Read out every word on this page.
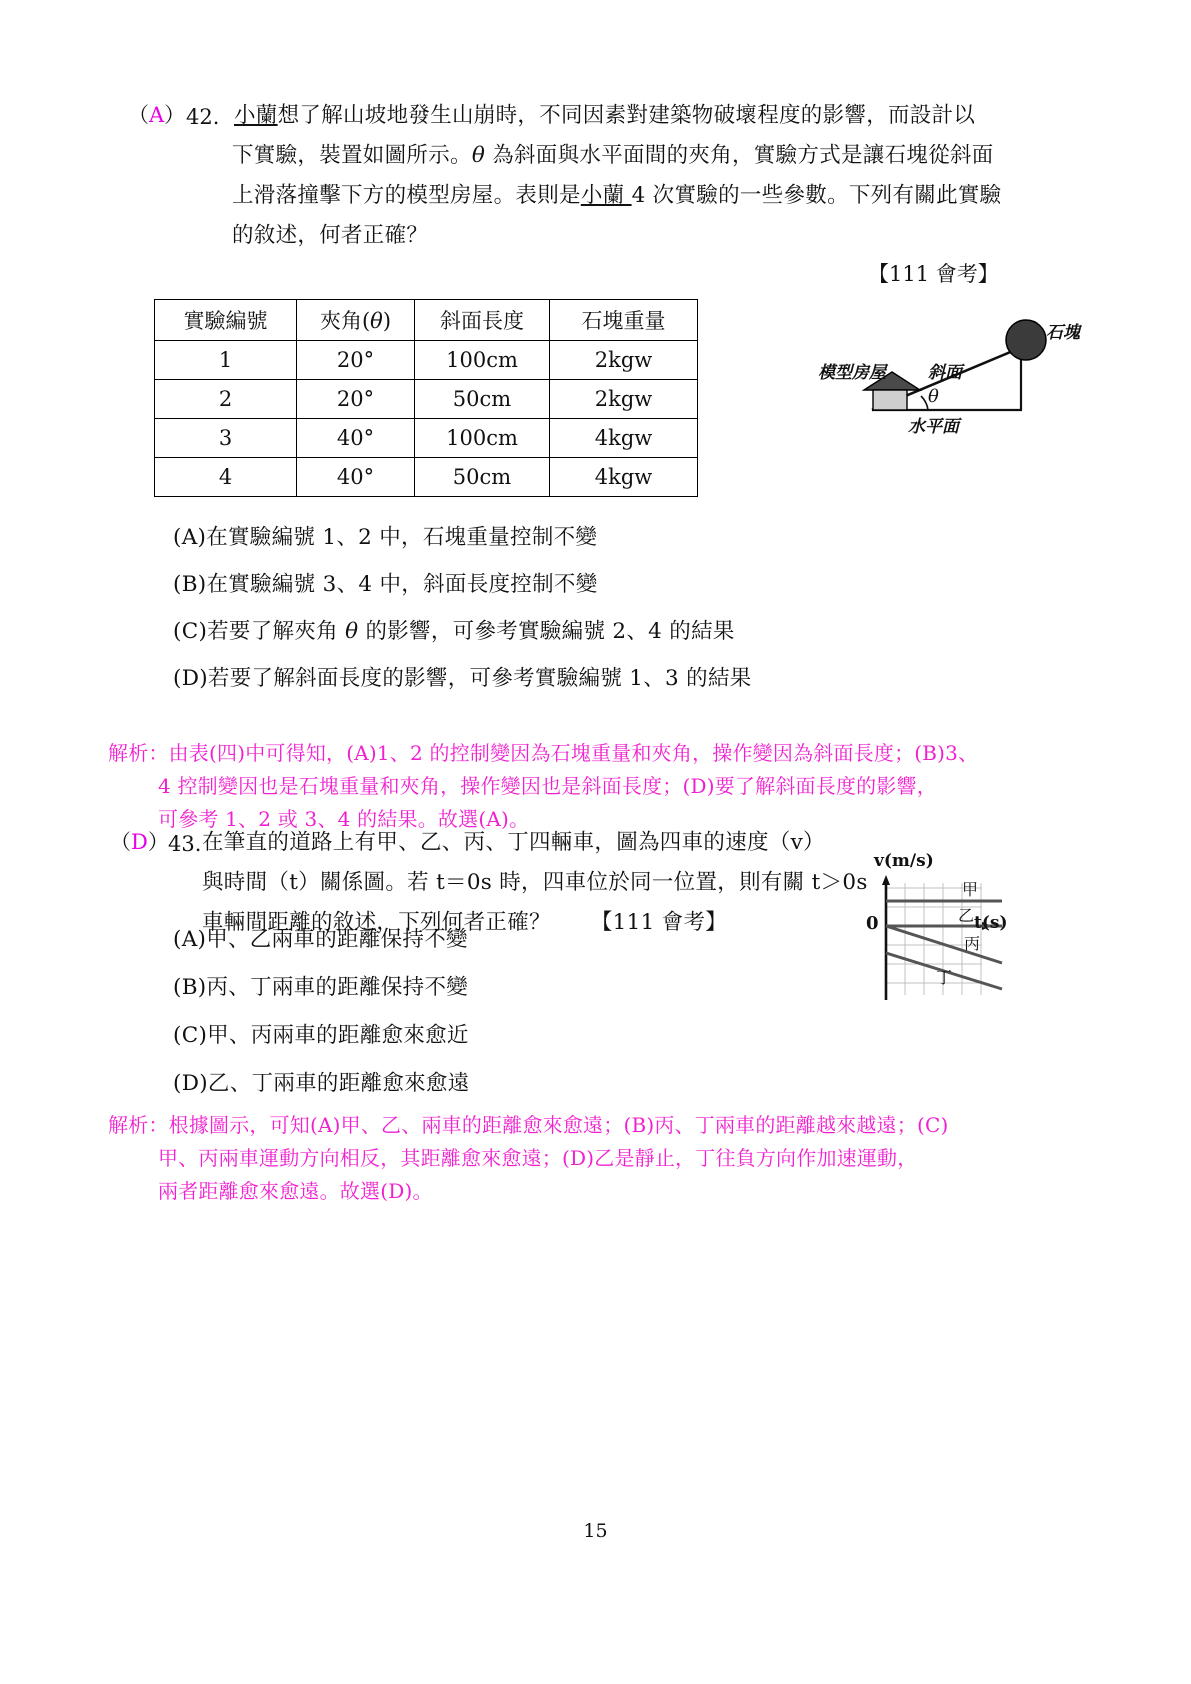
（A） 42. 小蘭想了解山坡地發生山崩時，不同因素對建築物破壞程度的影響，而設計以
下實驗，裝置如圖所示。θ 為斜面與水平面間的夾角，實驗方式是讓石塊從斜面
上滑落撞擊下方的模型房屋。表則是小蘭 4 次實驗的一些參數。下列有關此實驗
的敘述，何者正確？
【111 會考】
實驗編號	夾角(θ)	斜面長度	石塊重量
1	20°	100cm	2kgw
2	20°	50cm	2kgw
3	40°	100cm	4kgw
4	40°	50cm	4kgw
石塊
模型房屋 斜面
θ
水平面
(A)在實驗編號 1、2 中，石塊重量控制不變
(B)在實驗編號 3、4 中，斜面長度控制不變
(C)若要了解夾角 θ 的影響，可參考實驗編號 2、4 的結果
(D)若要了解斜面長度的影響，可參考實驗編號 1、3 的結果
解析：由表(四)中可得知，(A)1、2 的控制變因為石塊重量和夾角，操作變因為斜面長度；(B)3、
4 控制變因也是石塊重量和夾角，操作變因也是斜面長度；(D)要了解斜面長度的影響，
可參考 1、2 或 3、4 的結果。故選(A)。
（D） 43. 在筆直的道路上有甲、乙、丙、丁四輛車，圖為四車的速度（v）
與時間（t）關係圖。若 t＝0s 時，四車位於同一位置，則有關 t＞0s
車輛間距離的敘述，下列何者正確？ 【111 會考】
v(m/s)
t(s)
0
甲
乙
丙
丁
(A)甲、乙兩車的距離保持不變
(B)丙、丁兩車的距離保持不變
(C)甲、丙兩車的距離愈來愈近
(D)乙、丁兩車的距離愈來愈遠
解析：根據圖示，可知(A)甲、乙、兩車的距離愈來愈遠；(B)丙、丁兩車的距離越來越遠；(C)
甲、丙兩車運動方向相反，其距離愈來愈遠；(D)乙是靜止，丁往負方向作加速運動，
兩者距離愈來愈遠。故選(D)。
15
